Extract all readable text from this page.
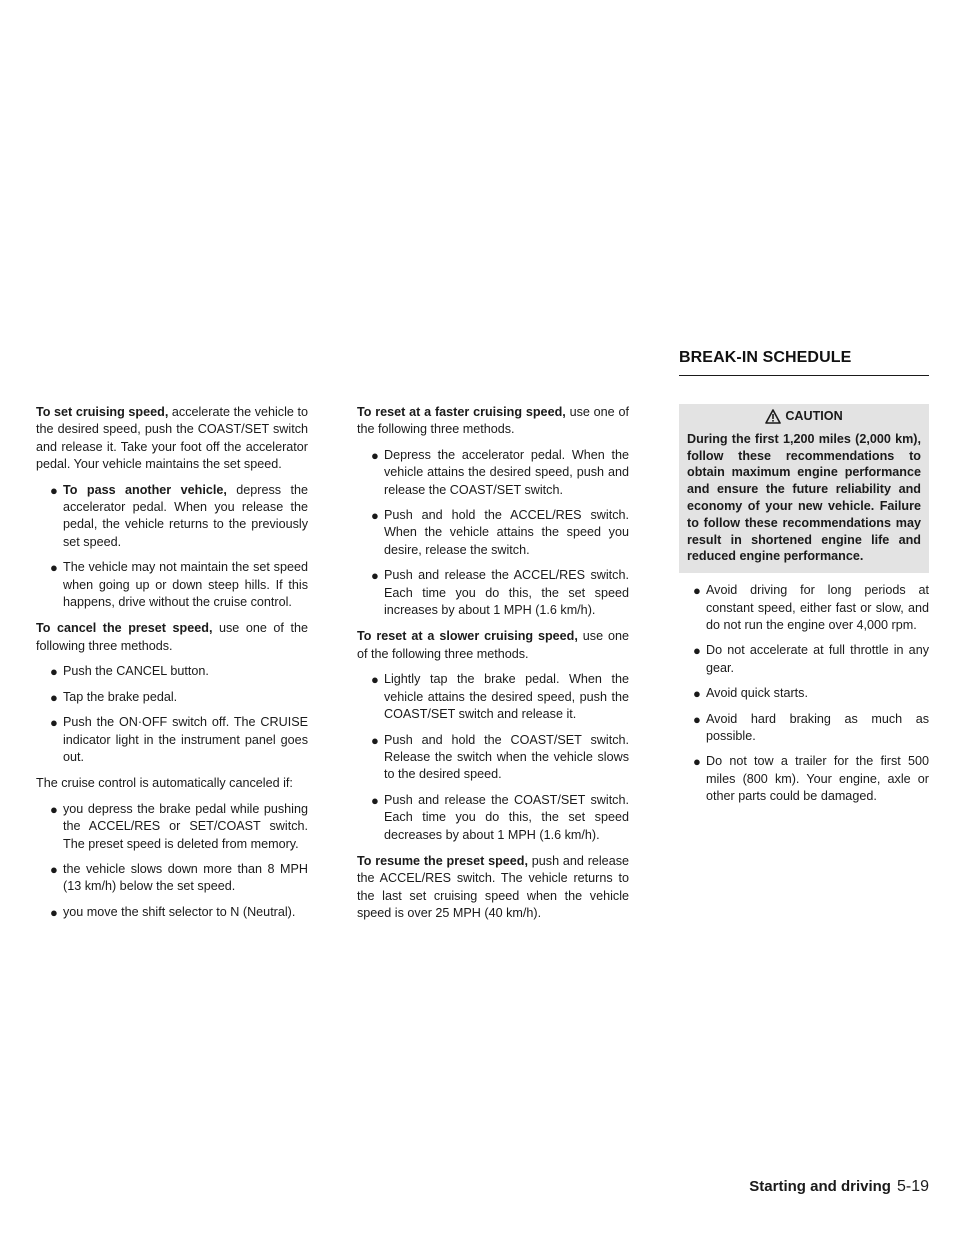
BREAK-IN SCHEDULE

To set cruising speed, accelerate the vehicle to the desired speed, push the COAST/SET switch and release it. Take your foot off the accelerator pedal. Your vehicle maintains the set speed.

● To pass another vehicle, depress the accelerator pedal. When you release the pedal, the vehicle returns to the previously set speed.
● The vehicle may not maintain the set speed when going up or down steep hills. If this happens, drive without the cruise control.

To cancel the preset speed, use one of the following three methods.

● Push the CANCEL button.
● Tap the brake pedal.
● Push the ON·OFF switch off. The CRUISE indicator light in the instrument panel goes out.

The cruise control is automatically canceled if:

● you depress the brake pedal while pushing the ACCEL/RES or SET/COAST switch. The preset speed is deleted from memory.
● the vehicle slows down more than 8 MPH (13 km/h) below the set speed.
● you move the shift selector to N (Neutral).

To reset at a faster cruising speed, use one of the following three methods.

● Depress the accelerator pedal. When the vehicle attains the desired speed, push and release the COAST/SET switch.
● Push and hold the ACCEL/RES switch. When the vehicle attains the speed you desire, release the switch.
● Push and release the ACCEL/RES switch. Each time you do this, the set speed increases by about 1 MPH (1.6 km/h).

To reset at a slower cruising speed, use one of the following three methods.

● Lightly tap the brake pedal. When the vehicle attains the desired speed, push the COAST/SET switch and release it.
● Push and hold the COAST/SET switch. Release the switch when the vehicle slows to the desired speed.
● Push and release the COAST/SET switch. Each time you do this, the set speed decreases by about 1 MPH (1.6 km/h).

To resume the preset speed, push and release the ACCEL/RES switch. The vehicle returns to the last set cruising speed when the vehicle speed is over 25 MPH (40 km/h).

CAUTION
During the first 1,200 miles (2,000 km), follow these recommendations to obtain maximum engine performance and ensure the future reliability and economy of your new vehicle. Failure to follow these recommendations may result in shortened engine life and reduced engine performance.
● Avoid driving for long periods at constant speed, either fast or slow, and do not run the engine over 4,000 rpm.
● Do not accelerate at full throttle in any gear.
● Avoid quick starts.
● Avoid hard braking as much as possible.
● Do not tow a trailer for the first 500 miles (800 km). Your engine, axle or other parts could be damaged.
Starting and driving 5-19
